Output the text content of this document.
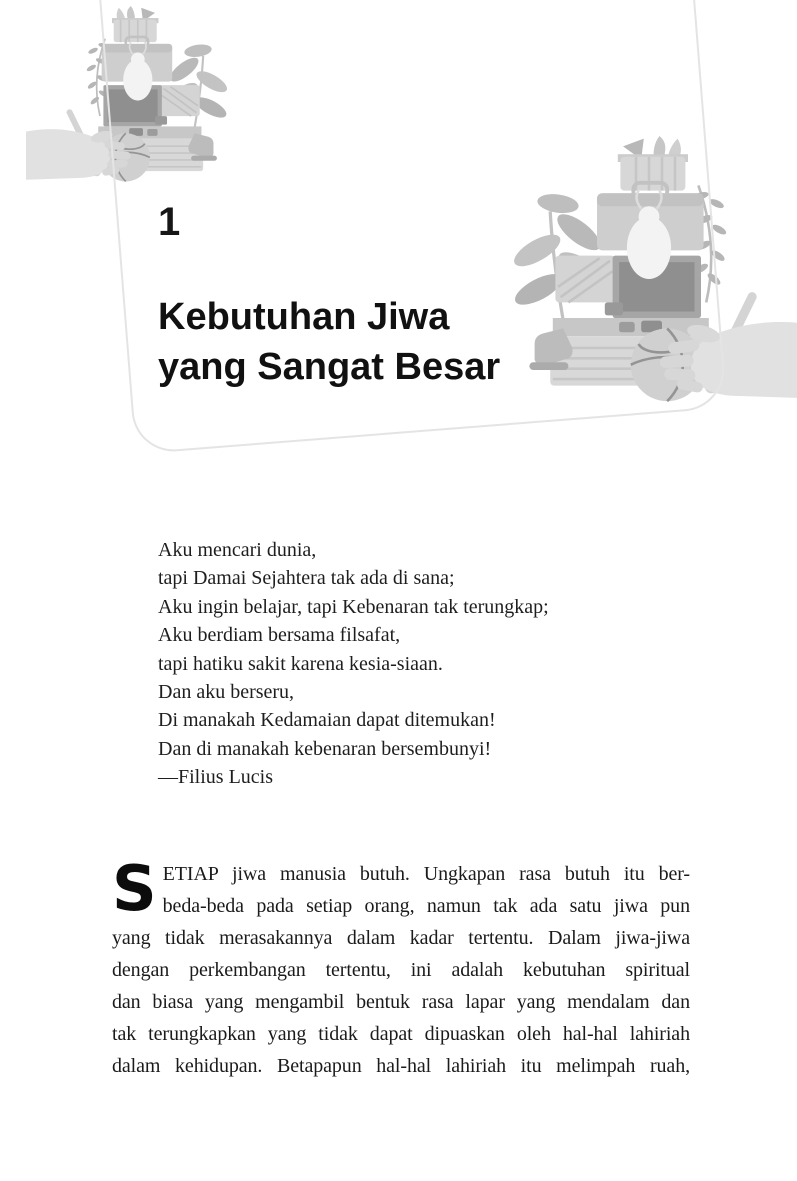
1
Kebutuhan Jiwa
yang Sangat Besar
Aku mencari dunia,
tapi Damai Sejahtera tak ada di sana;
Aku ingin belajar, tapi Kebenaran tak terungkap;
Aku berdiam bersama filsafat,
tapi hatiku sakit karena kesia-siaan.
Dan aku berseru,
Di manakah Kedamaian dapat ditemukan!
Dan di manakah kebenaran bersembunyi!
—Filius Lucis
S ETIAP jiwa manusia butuh. Ungkapan rasa butuh itu ber-
beda-beda pada setiap orang, namun tak ada satu jiwa pun
yang tidak merasakannya dalam kadar tertentu. Dalam jiwa-jiwa
dengan perkembangan tertentu, ini adalah kebutuhan spiritual
dan biasa yang mengambil bentuk rasa lapar yang mendalam dan
tak terungkapkan yang tidak dapat dipuaskan oleh hal-hal lahiriah
dalam kehidupan. Betapapun hal-hal lahiriah itu melimpah ruah,
